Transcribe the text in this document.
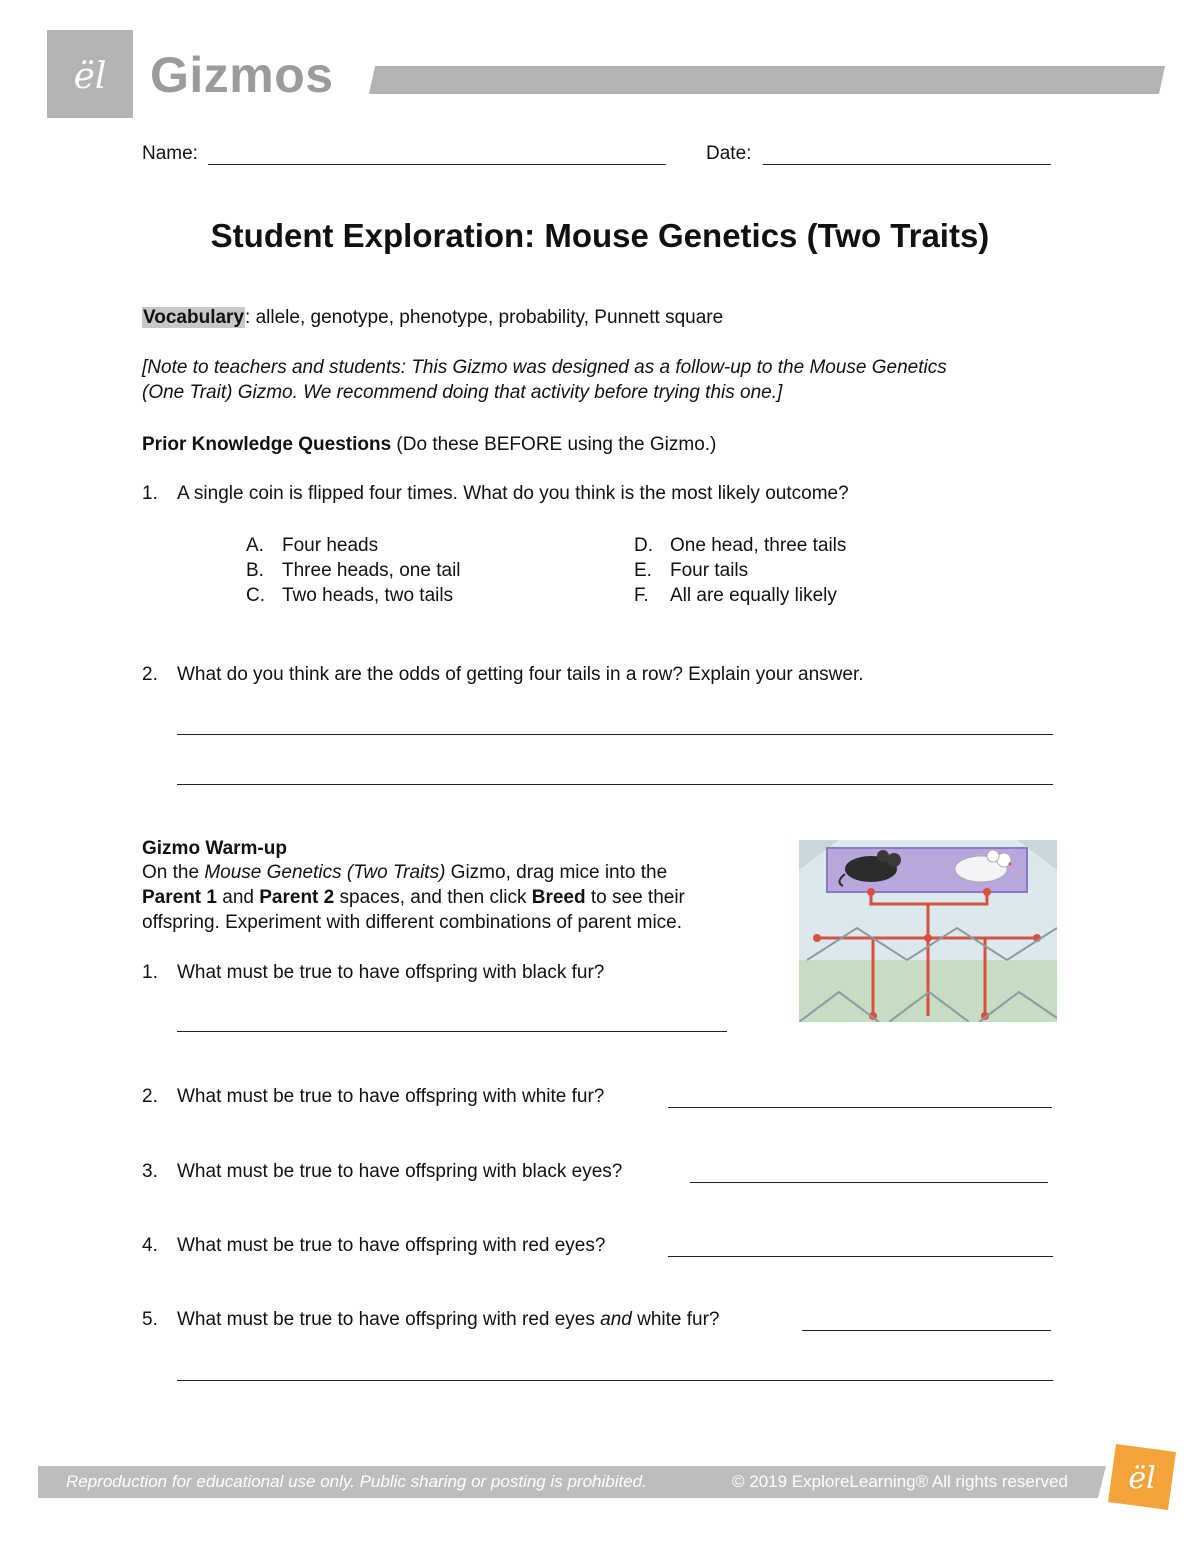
ël Gizmos
Name:	Date:
Student Exploration: Mouse Genetics (Two Traits)
Vocabulary: allele, genotype, phenotype, probability, Punnett square
[Note to teachers and students: This Gizmo was designed as a follow-up to the Mouse Genetics
(One Trait) Gizmo. We recommend doing that activity before trying this one.]
Prior Knowledge Questions (Do these BEFORE using the Gizmo.)
1. A single coin is flipped four times. What do you think is the most likely outcome?
A. Four heads
B. Three heads, one tail
C. Two heads, two tails
D. One head, three tails
E. Four tails
F. All are equally likely
2. What do you think are the odds of getting four tails in a row? Explain your answer.
Gizmo Warm-up
On the Mouse Genetics (Two Traits) Gizmo, drag mice into the
Parent 1 and Parent 2 spaces, and then click Breed to see their
offspring. Experiment with different combinations of parent mice.
1. What must be true to have offspring with black fur?
2. What must be true to have offspring with white fur?
3. What must be true to have offspring with black eyes?
4. What must be true to have offspring with red eyes?
5. What must be true to have offspring with red eyes and white fur?
Reproduction for educational use only. Public sharing or posting is prohibited.	© 2019 ExploreLearning® All rights reserved ël
